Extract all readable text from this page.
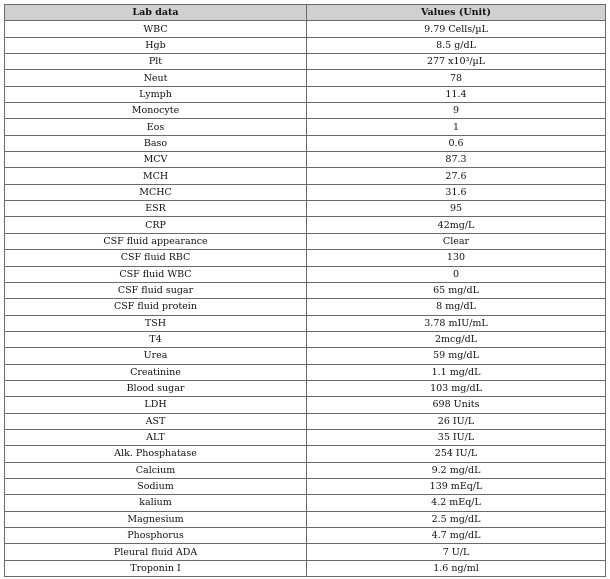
Lab data	Values (Unit)
WBC	9.79 Cells/µL
Hgb	8.5 g/dL
Plt	277 x10³/µL
Neut	78
Lymph	11.4
Monocyte	9
Eos	1
Baso	0.6
MCV	87.3
MCH	27.6
MCHC	31.6
ESR	95
CRP	42mg/L
CSF fluid appearance	Clear
CSF fluid RBC	130
CSF fluid WBC	0
CSF fluid sugar	65 mg/dL
CSF fluid protein	8 mg/dL
TSH	3.78 mIU/mL
T4	2mcg/dL
Urea	59 mg/dL
Creatinine	1.1 mg/dL
Blood sugar	103 mg/dL
LDH	698 Units
AST	26 IU/L
ALT	35 IU/L
Alk. Phosphatase	254 IU/L
Calcium	9.2 mg/dL
Sodium	139 mEq/L
kalium	4.2 mEq/L
Magnesium	2.5 mg/dL
Phosphorus	4.7 mg/dL
Pleural fluid ADA	7 U/L
Troponin I	1.6 ng/ml
